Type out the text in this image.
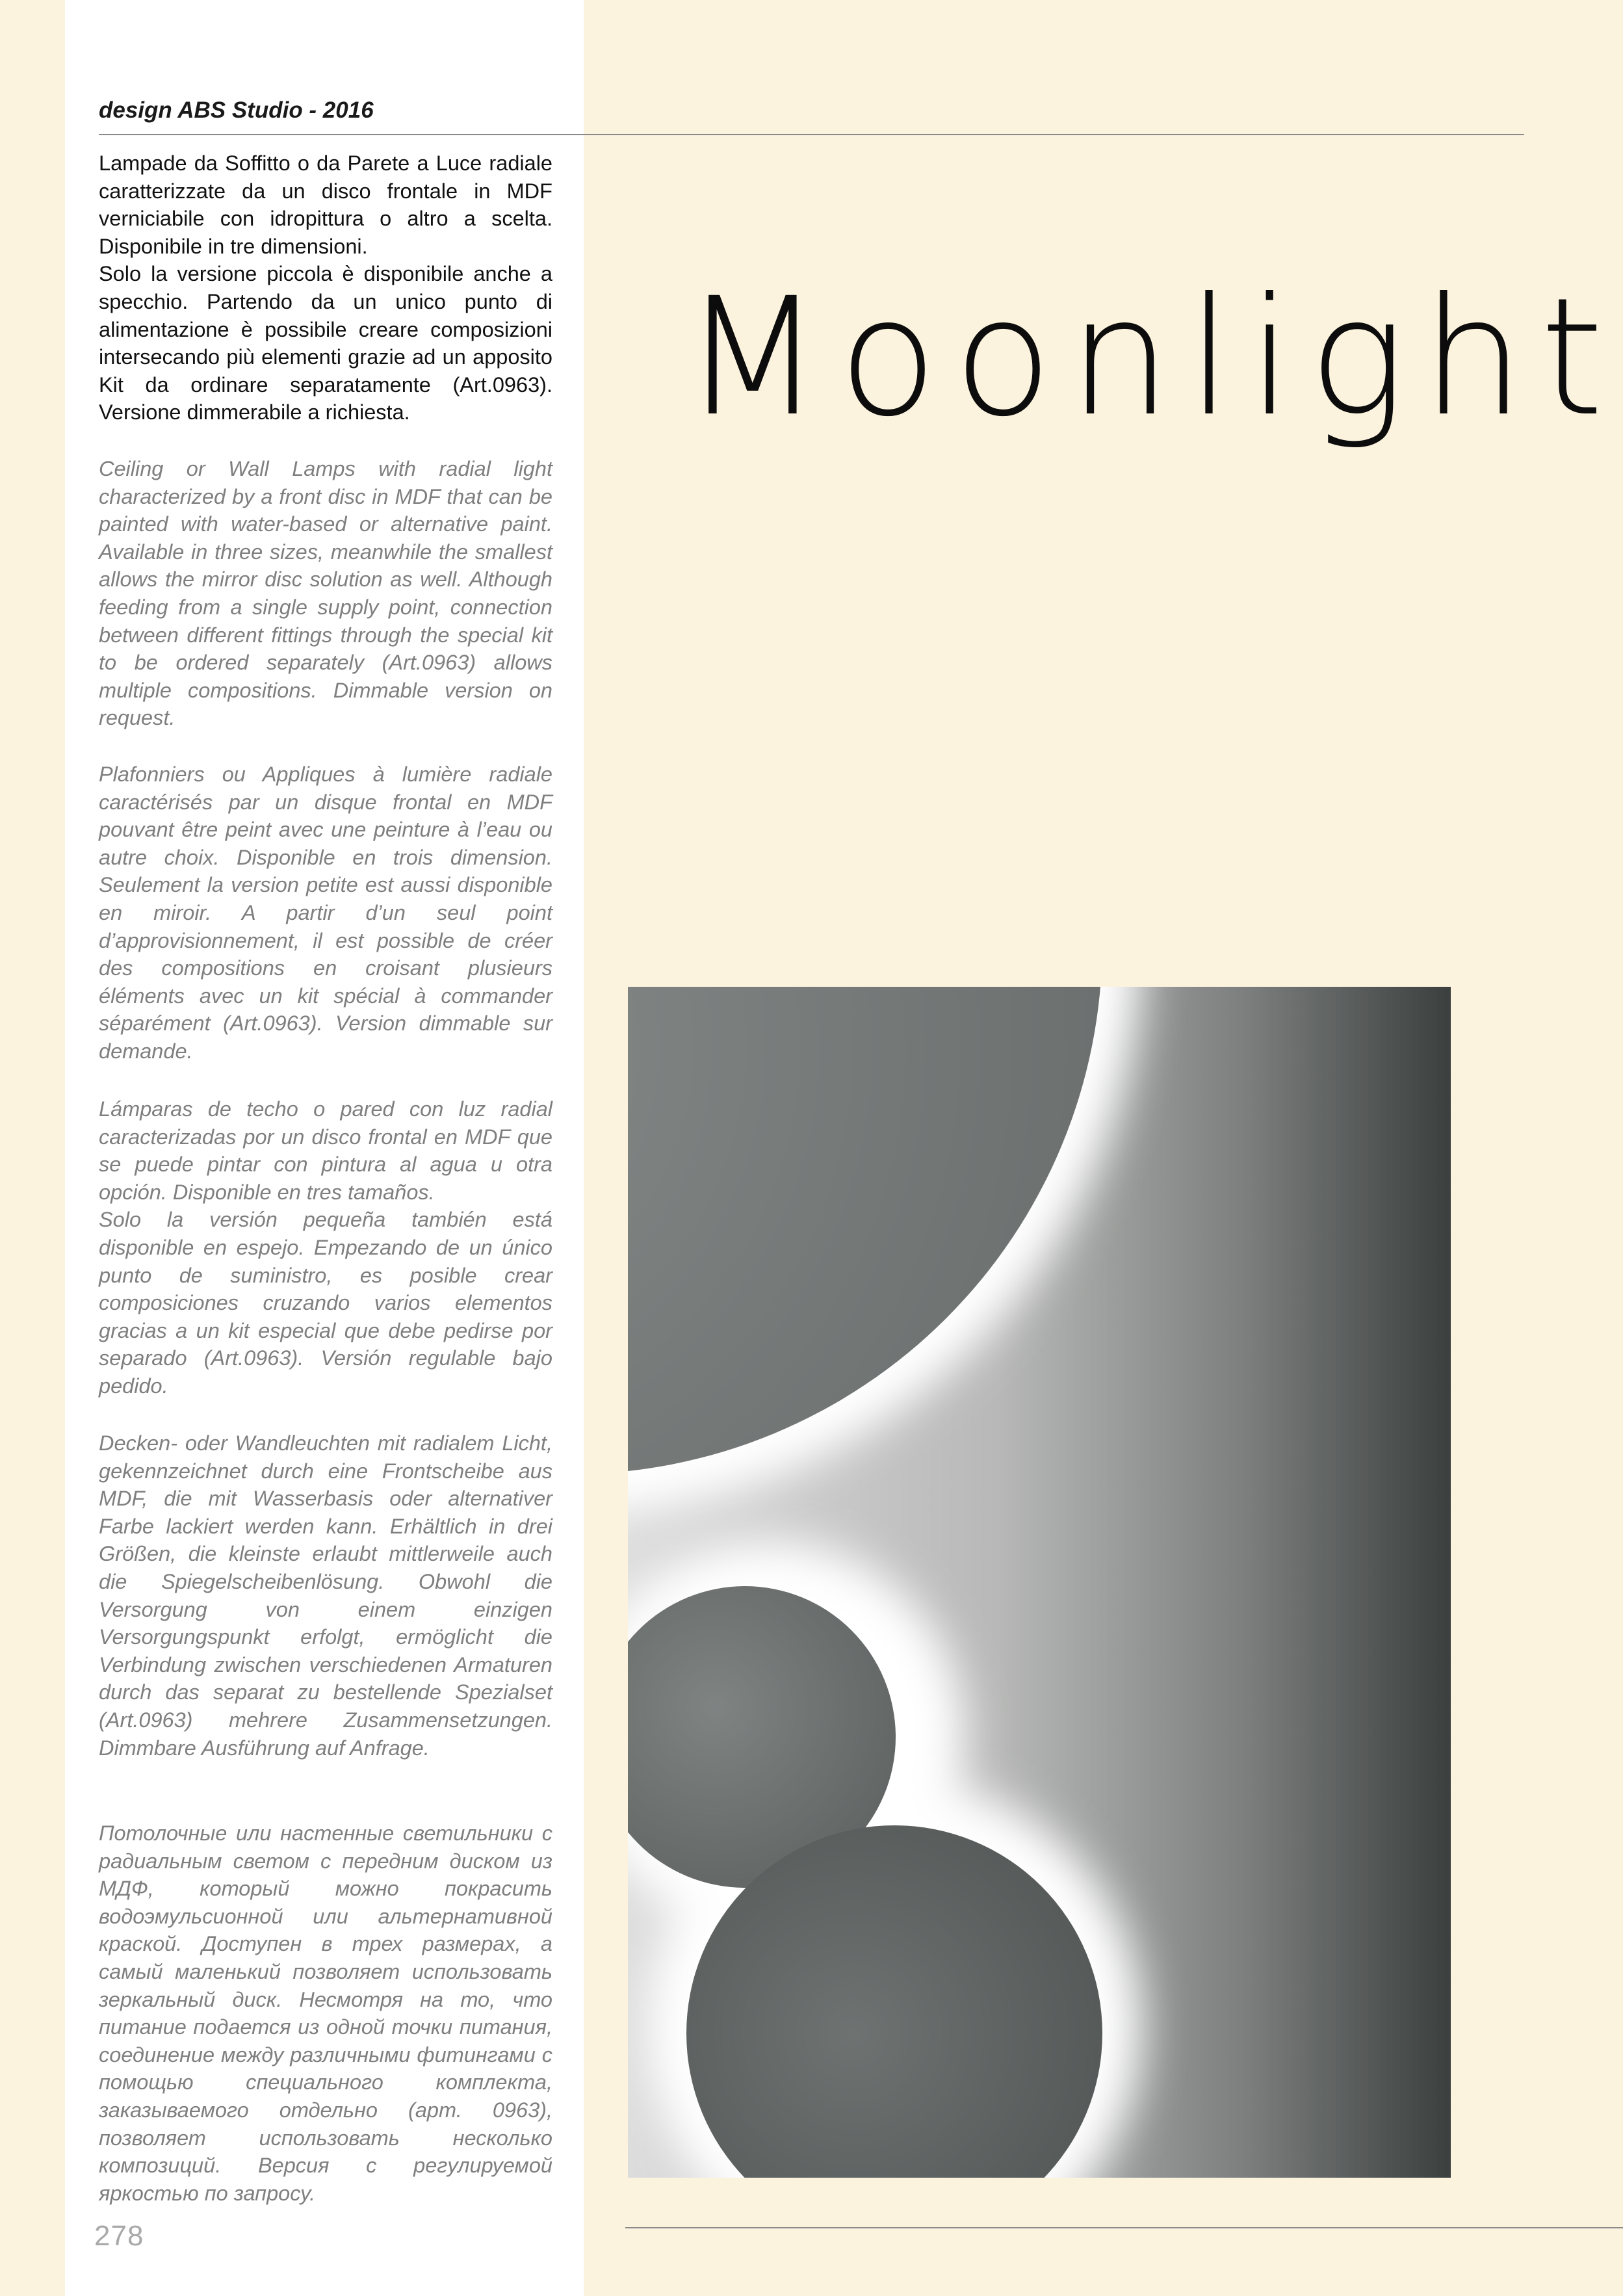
design ABS Studio - 2016

Lampade da Soffitto o da Parete a Luce radiale caratterizzate da un disco frontale in MDF verniciabile con idropittura o altro a scelta. Disponibile in tre dimensioni.

Solo la versione piccola è disponibile anche a specchio. Partendo da un unico punto di alimentazione è possibile creare composizioni intersecando più elementi grazie ad un apposito Kit da ordinare separatamente (Art.0963). Versione dimmerabile a richiesta.

Ceiling or Wall Lamps with radial light characterized by a front disc in MDF that can be painted with water-based or alternative paint. Available in three sizes, meanwhile the smallest allows the mirror disc solution as well. Although feeding from a single supply point, connection between different fittings through the special kit to be ordered separately (Art.0963) allows multiple compositions. Dimmable version on request.

Plafonniers ou Appliques à lumière radiale caractérisés par un disque frontal en MDF pouvant être peint avec une peinture à l’eau ou autre choix. Disponible en trois dimension. Seulement la version petite est aussi disponible en miroir. A partir d’un seul point d’approvisionnement, il est possible de créer des compositions en croisant plusieurs éléments avec un kit spécial à commander séparément (Art.0963). Version dimmable sur demande.

Lámparas de techo o pared con luz radial caracterizadas por un disco frontal en MDF que se puede pintar con pintura al agua u otra opción. Disponible en tres tamaños.

Solo la versión pequeña también está disponible en espejo. Empezando de un único punto de suministro, es posible crear composiciones cruzando varios elementos gracias a un kit especial que debe pedirse por separado (Art.0963). Versión regulable bajo pedido.

Decken- oder Wandleuchten mit radialem Licht, gekennzeichnet durch eine Frontscheibe aus MDF, die mit Wasserbasis oder alternativer Farbe lackiert werden kann. Erhältlich in drei Größen, die kleinste erlaubt mittlerweile auch die Spiegelscheibenlösung. Obwohl die Versorgung von einem einzigen Versorgungspunkt erfolgt, ermöglicht die Verbindung zwischen verschiedenen Armaturen durch das separat zu bestellende Spezialset (Art.0963) mehrere Zusammensetzungen. Dimmbare Ausführung auf Anfrage.

Потолочные или настенные светильники с радиальным светом с передним диском из МДФ, который можно покрасить водоэмульсионной или альтернативной краской. Доступен в трех размерах, а самый маленький позволяет использовать зеркальный диск. Несмотря на то, что питание подается из одной точки питания, соединение между различными фитингами с помощью специального комплекта, заказываемого отдельно (арт. 0963), позволяет использовать несколько композиций. Версия с регулируемой яркостью по запросу.

Moonlight
278
